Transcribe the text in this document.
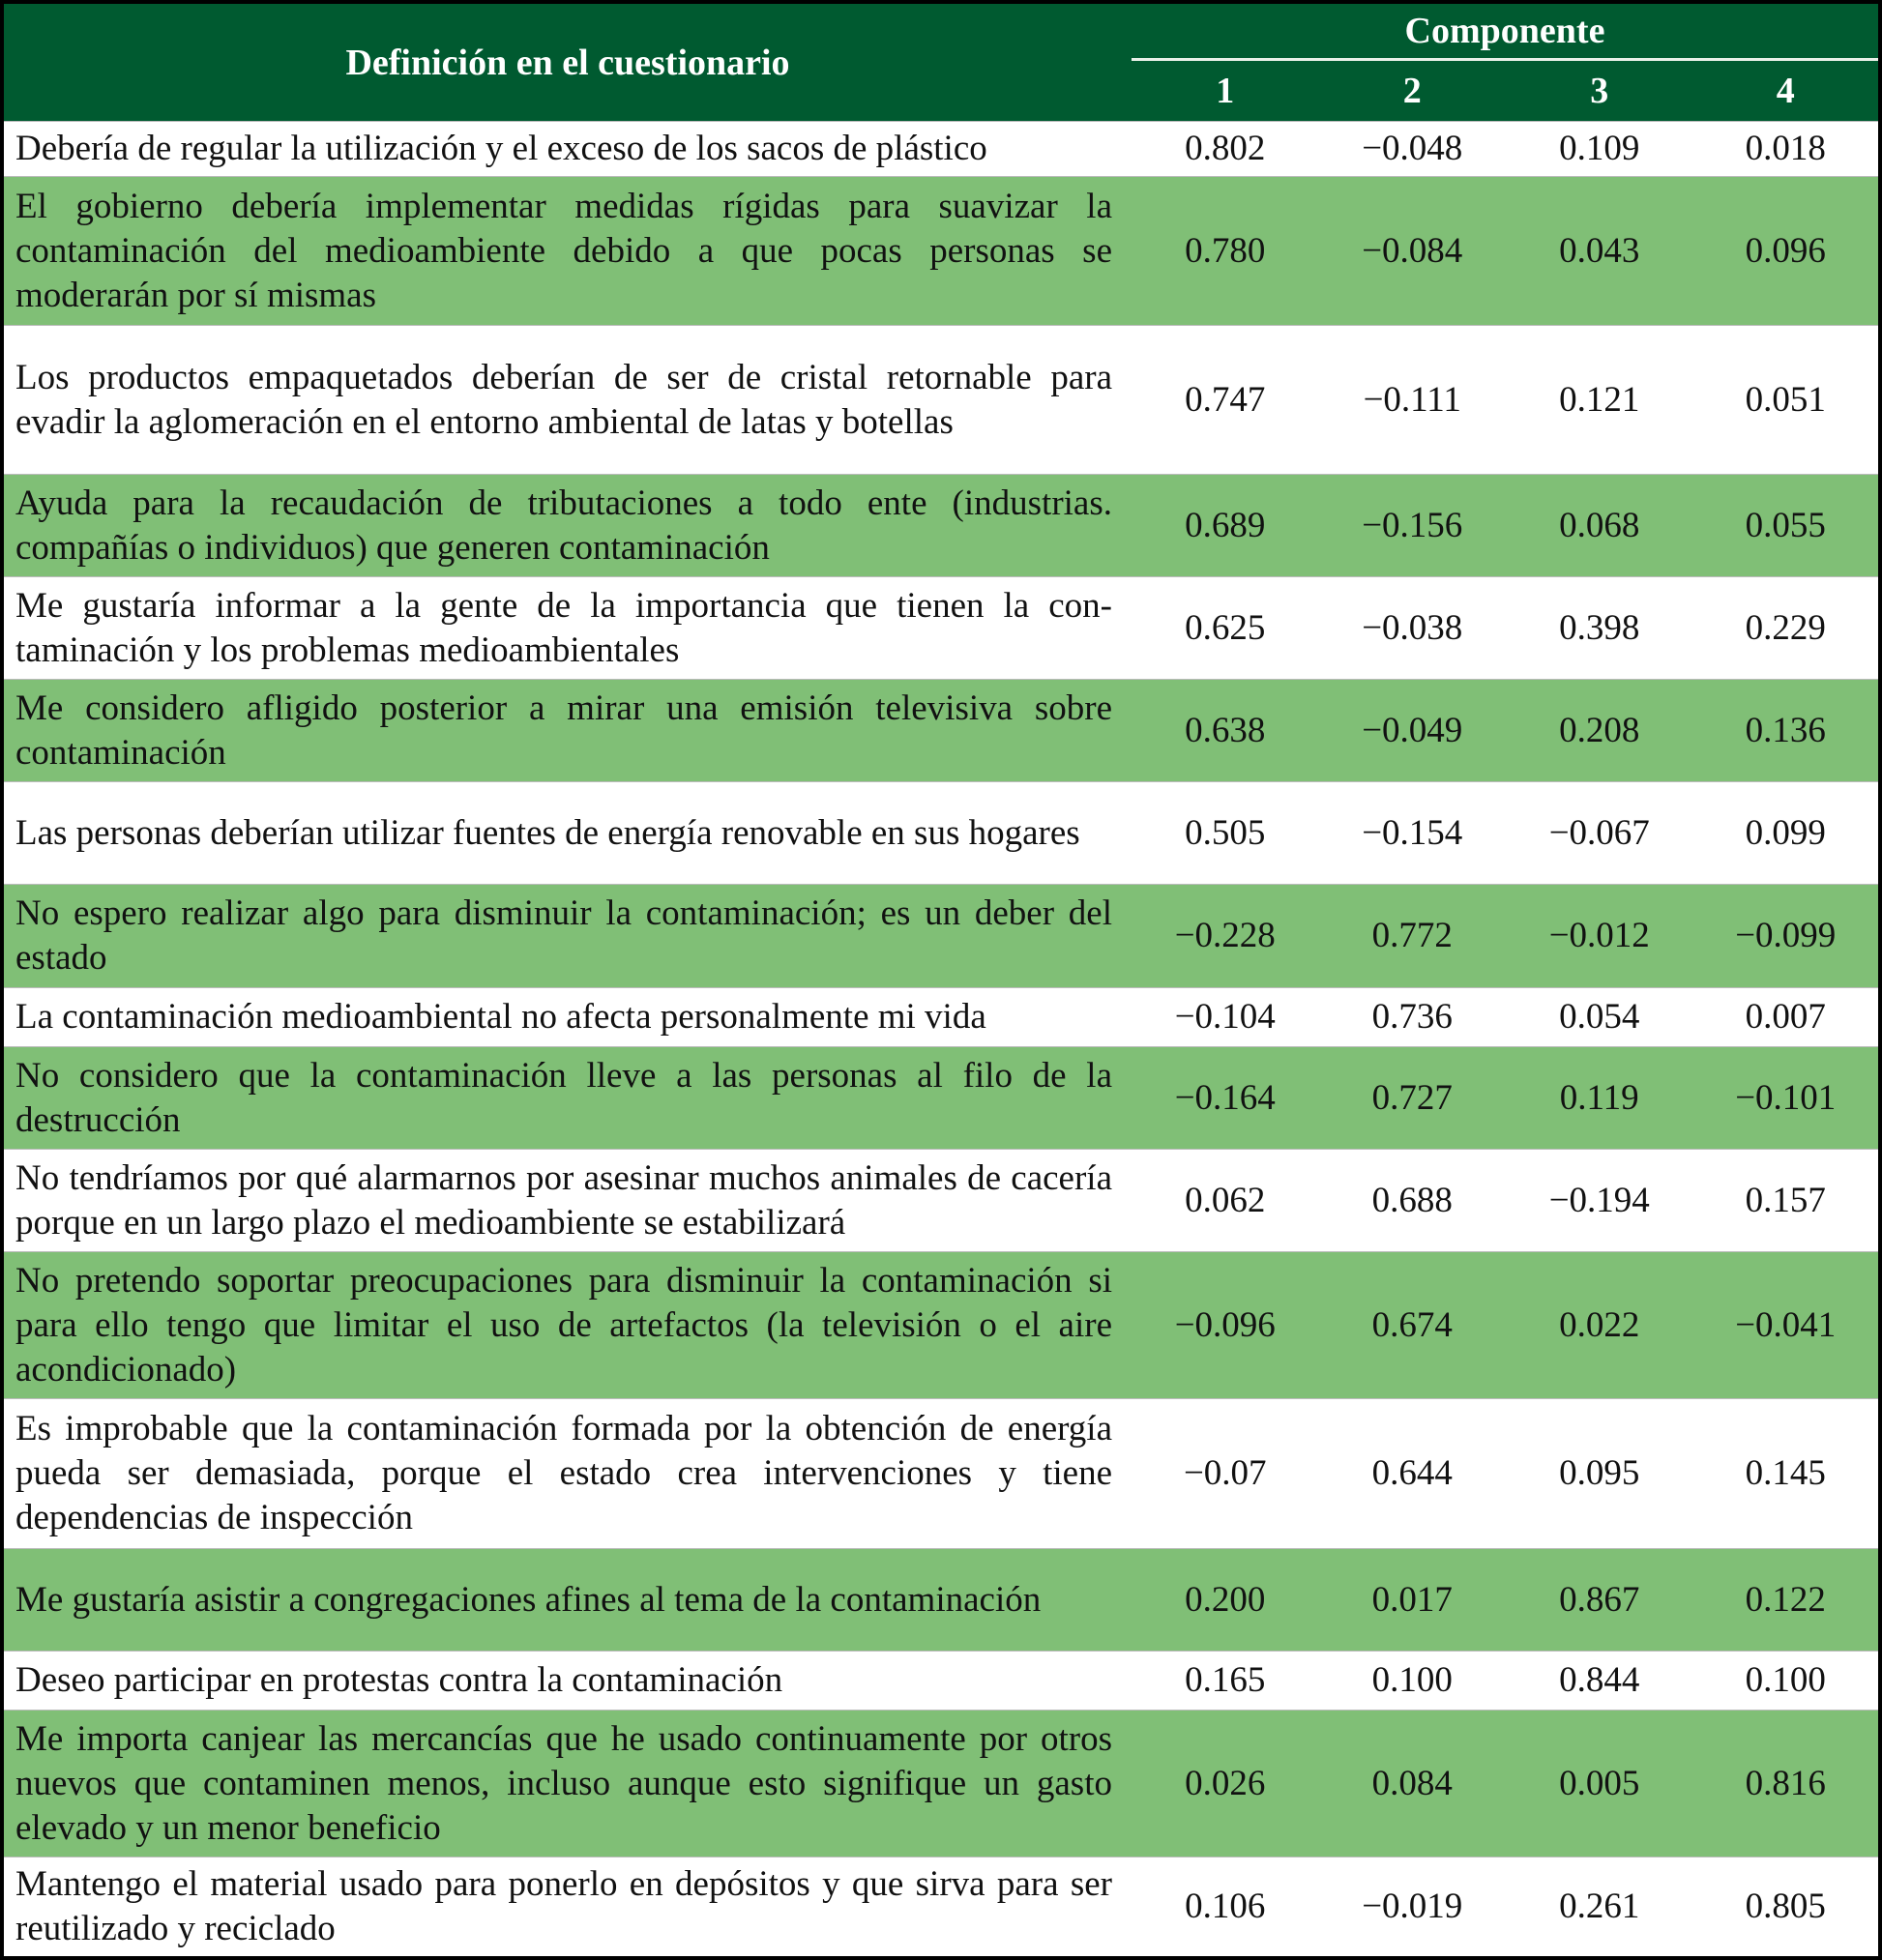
Definición en el cuestionario	Componente			
	1	2	3	4
Debería de regular la utilización y el exceso de los sacos de plástico	0.802	−0.048	0.109	0.018
El gobierno debería implementar medidas rígidas para suavizar la contaminación del medioambiente debido a que pocas personas se moderarán por sí mismas	0.780	−0.084	0.043	0.096
Los productos empaquetados deberían de ser de cristal retornable para evadir la aglomeración en el entorno ambiental de latas y botellas	0.747	−0.111	0.121	0.051
Ayuda para la recaudación de tributaciones a todo ente (industrias. compañías o individuos) que generen contaminación	0.689	−0.156	0.068	0.055
Me gustaría informar a la gente de la importancia que tienen la con-taminación y los problemas medioambientales	0.625	−0.038	0.398	0.229
Me considero afligido posterior a mirar una emisión televisiva sobre contaminación	0.638	−0.049	0.208	0.136
Las personas deberían utilizar fuentes de energía renovable en sus hogares	0.505	−0.154	−0.067	0.099
No espero realizar algo para disminuir la contaminación; es un deber del estado	−0.228	0.772	−0.012	−0.099
La contaminación medioambiental no afecta personalmente mi vida	−0.104	0.736	0.054	0.007
No considero que la contaminación lleve a las personas al filo de la destrucción	−0.164	0.727	0.119	−0.101
No tendríamos por qué alarmarnos por asesinar muchos animales de cacería porque en un largo plazo el medioambiente se estabilizará	0.062	0.688	−0.194	0.157
No pretendo soportar preocupaciones para disminuir la contaminación si para ello tengo que limitar el uso de artefactos (la televisión o el aire acondicionado)	−0.096	0.674	0.022	−0.041
Es improbable que la contaminación formada por la obtención de energía pueda ser demasiada, porque el estado crea intervenciones y tiene dependencias de inspección	−0.07	0.644	0.095	0.145
Me gustaría asistir a congregaciones afines al tema de la contaminación	0.200	0.017	0.867	0.122
Deseo participar en protestas contra la contaminación	0.165	0.100	0.844	0.100
Me importa canjear las mercancías que he usado continuamente por otros nuevos que contaminen menos, incluso aunque esto signifique un gasto elevado y un menor beneficio	0.026	0.084	0.005	0.816
Mantengo el material usado para ponerlo en depósitos y que sirva para ser reutilizado y reciclado	0.106	−0.019	0.261	0.805
